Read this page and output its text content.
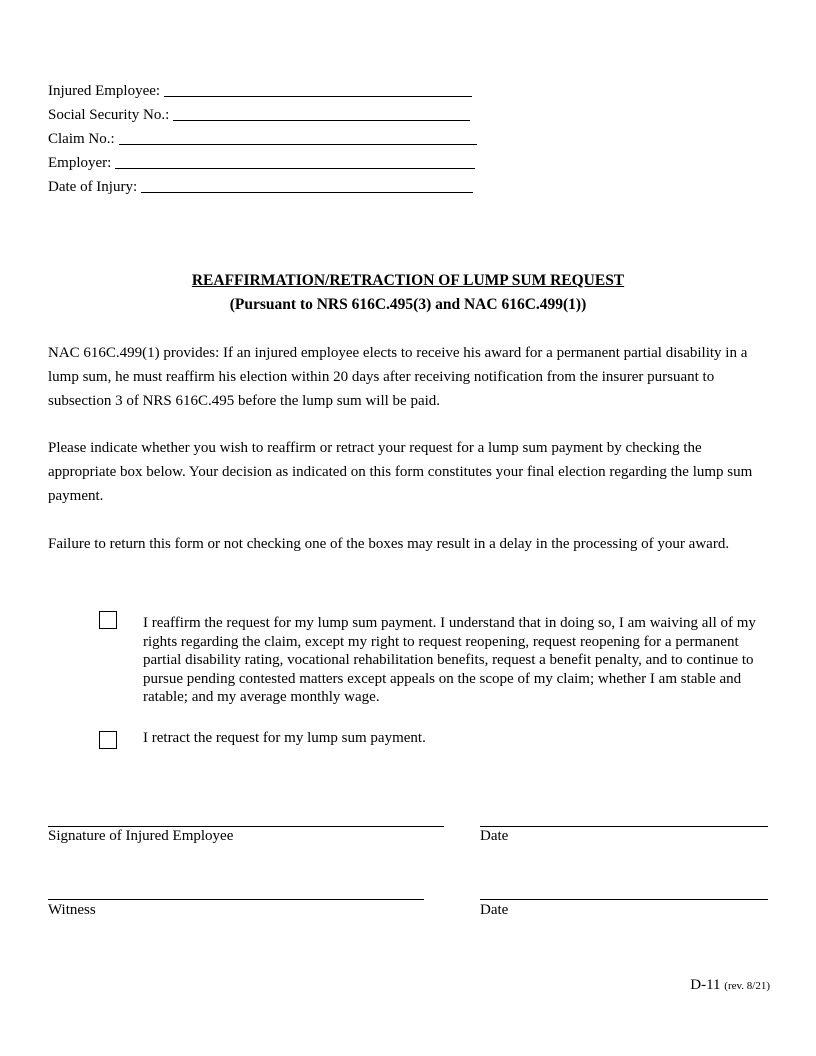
Injured Employee:
Social Security No.:
Claim No.:
Employer:
Date of Injury:
REAFFIRMATION/RETRACTION OF LUMP SUM REQUEST
(Pursuant to NRS 616C.495(3) and NAC 616C.499(1))

NAC 616C.499(1) provides: If an injured employee elects to receive his award for a permanent partial disability in a lump sum, he must reaffirm his election within 20 days after receiving notification from the insurer pursuant to subsection 3 of NRS 616C.495 before the lump sum will be paid.

Please indicate whether you wish to reaffirm or retract your request for a lump sum payment by checking the appropriate box below. Your decision as indicated on this form constitutes your final election regarding the lump sum payment.

Failure to return this form or not checking one of the boxes may result in a delay in the processing of your award.

I reaffirm the request for my lump sum payment. I understand that in doing so, I am waiving all of my rights regarding the claim, except my right to request reopening, request reopening for a permanent partial disability rating, vocational rehabilitation benefits, request a benefit penalty, and to continue to pursue pending contested matters except appeals on the scope of my claim; whether I am stable and ratable; and my average monthly wage.

I retract the request for my lump sum payment.

Signature of Injured Employee	Date
Witness	Date
D-11 (rev. 8/21)
